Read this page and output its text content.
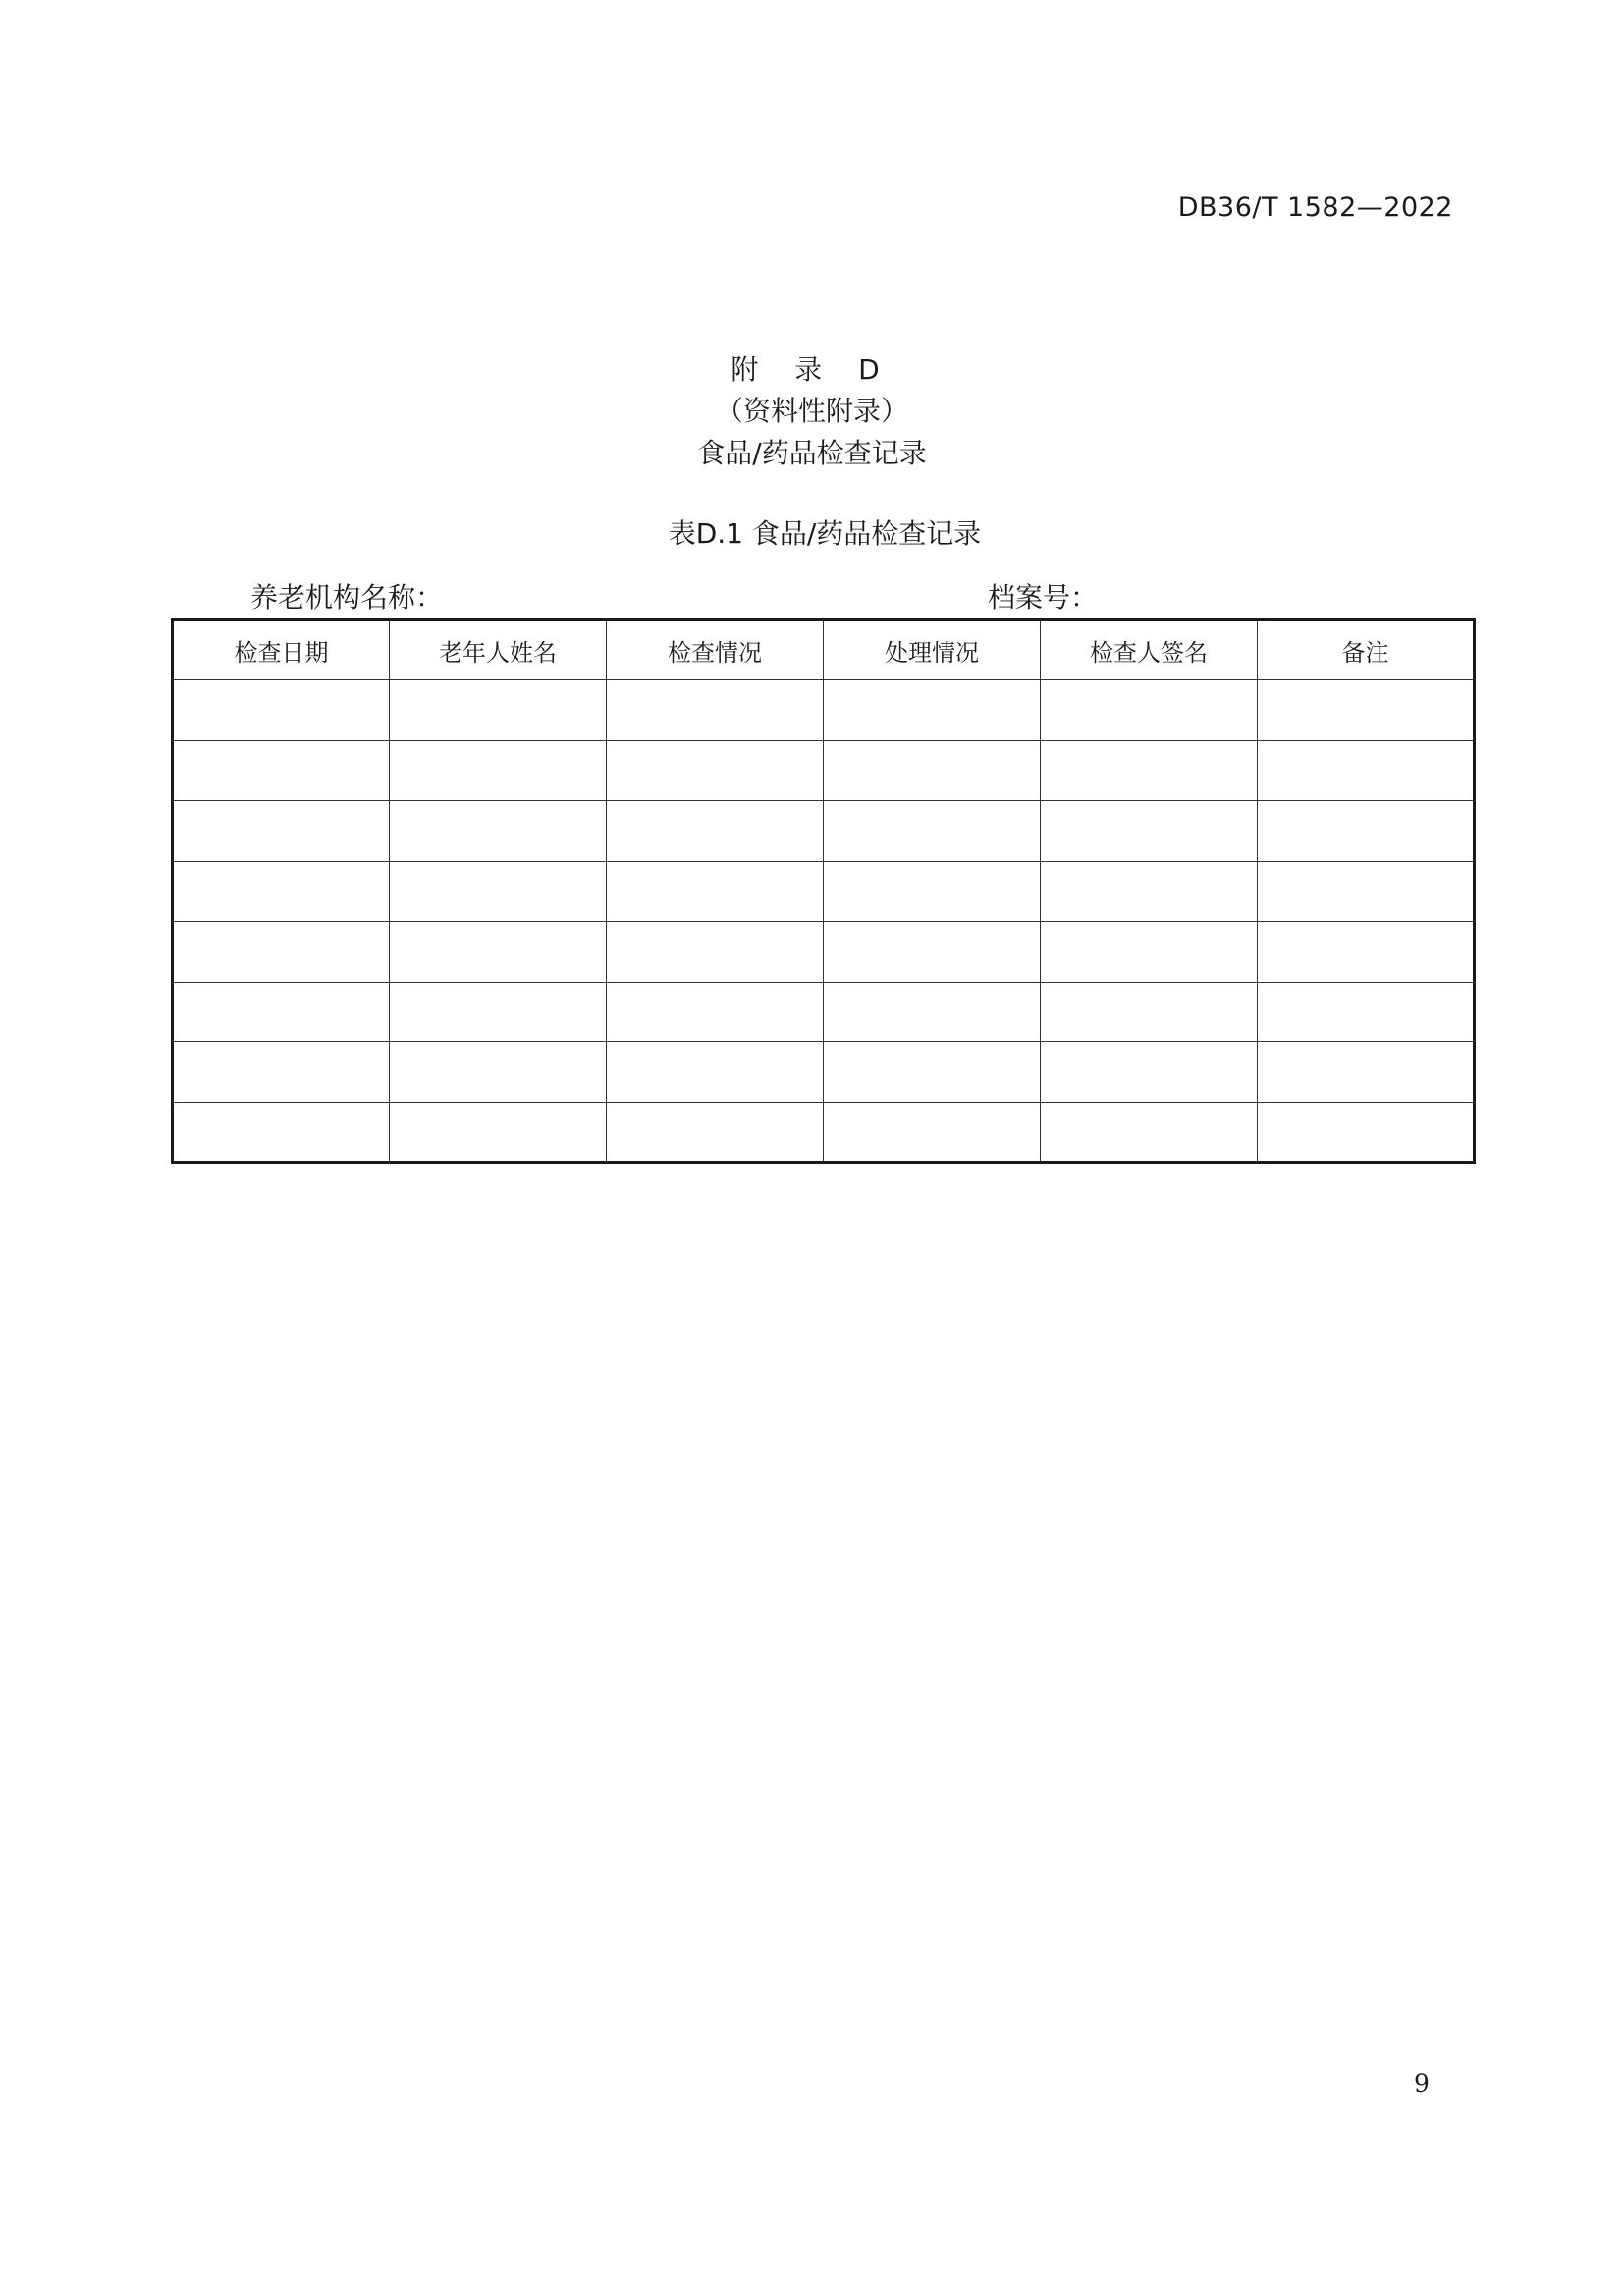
DB36/T 1582—2022
附 录 D
（资料性附录）
食品/药品检查记录
表D.1 食品/药品检查记录
养老机构名称：	档案号：
检查日期	老年人姓名	检查情况	处理情况	检查人签名	备注

9
